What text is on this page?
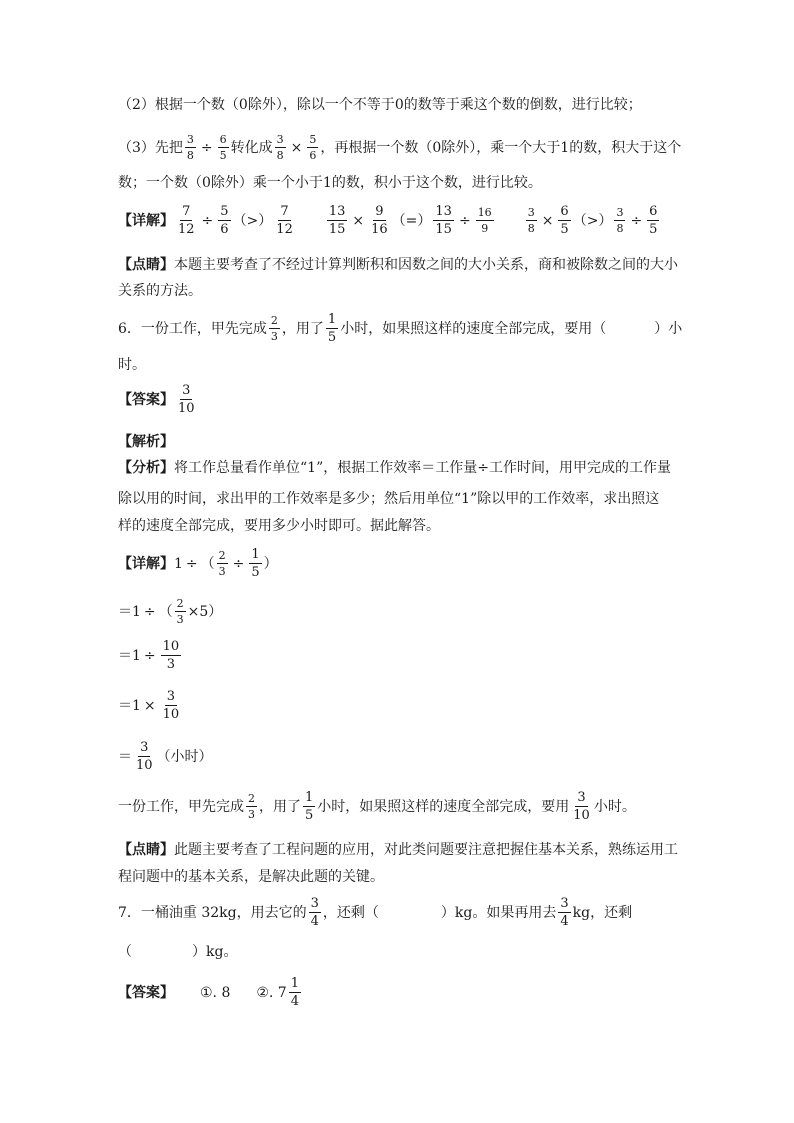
（2）根据一个数（0除外），除以一个不等于0的数等于乘这个数的倒数，进行比较；
（3）先把 $\frac{3}{8} \div \frac{6}{5}$ 转化成 $\frac{3}{8} \times \frac{5}{6}$ ，再根据一个数（0除外），乘一个大于1的数，积大于这个
数；一个数（0除外）乘一个小于1的数，积小于这个数，进行比较。
【详解】 $\frac{7}{12} \div \frac{5}{6}$ （>） $\frac{7}{12} \frac{13}{15} \times \frac{9}{16}$ （=） $\frac{13}{15} \div \frac{16}{9}$	$\frac{3}{8} \times \frac{6}{5}$ （>） $\frac{3}{8} \div \frac{6}{5}$
【点睛】 本题主要考查了不经过计算判断积和因数之间的大小关系，商和被除数之间的大小
关系的方法。
6．一份工作，甲先完成 $\frac{2}{3}$ ，用了 $\frac{1}{5}$ 小时，如果照这样的速度全部完成，要用（	）小
时。
【答案】 $\frac{3}{10}$
【解析】
【分析】 将工作总量看作单位“1”，根据工作效率＝工作量÷工作时间，用甲完成的工作量
除以用的时间，求出甲的工作效率是多少；然后用单位“1”除以甲的工作效率，求出照这
样的速度全部完成，要用多少小时即可。据此解答。
【详解】 1 ÷ （ $\frac{2}{3} \div \frac{1}{5}$ ）
＝ 1 ÷ （ $\frac{2}{3} \times 5$）
＝ $1 \div \frac{10}{3}$
＝ $1 \times \frac{3}{10}$
＝ $\frac{3}{10}$ （小时）
一份工作，甲先完成 $\frac{2}{3}$ ，用了 $\frac{1}{5}$ 小时，如果照这样的速度全部完成，要用 $\frac{3}{10}$ 小时。
【点睛】 此题主要考查了工程问题的应用，对此类问题要注意把握住基本关系，熟练运用工
程问题中的基本关系，是解决此题的关键。
7．一桶油重 32kg，用去它的 $\frac{3}{4}$ ，还剩（	）kg。如果再用去 $\frac{3}{4}$ kg，还剩
（	）kg。
【答案】 ①. 8 ②. $7 \frac{1}{4}$
